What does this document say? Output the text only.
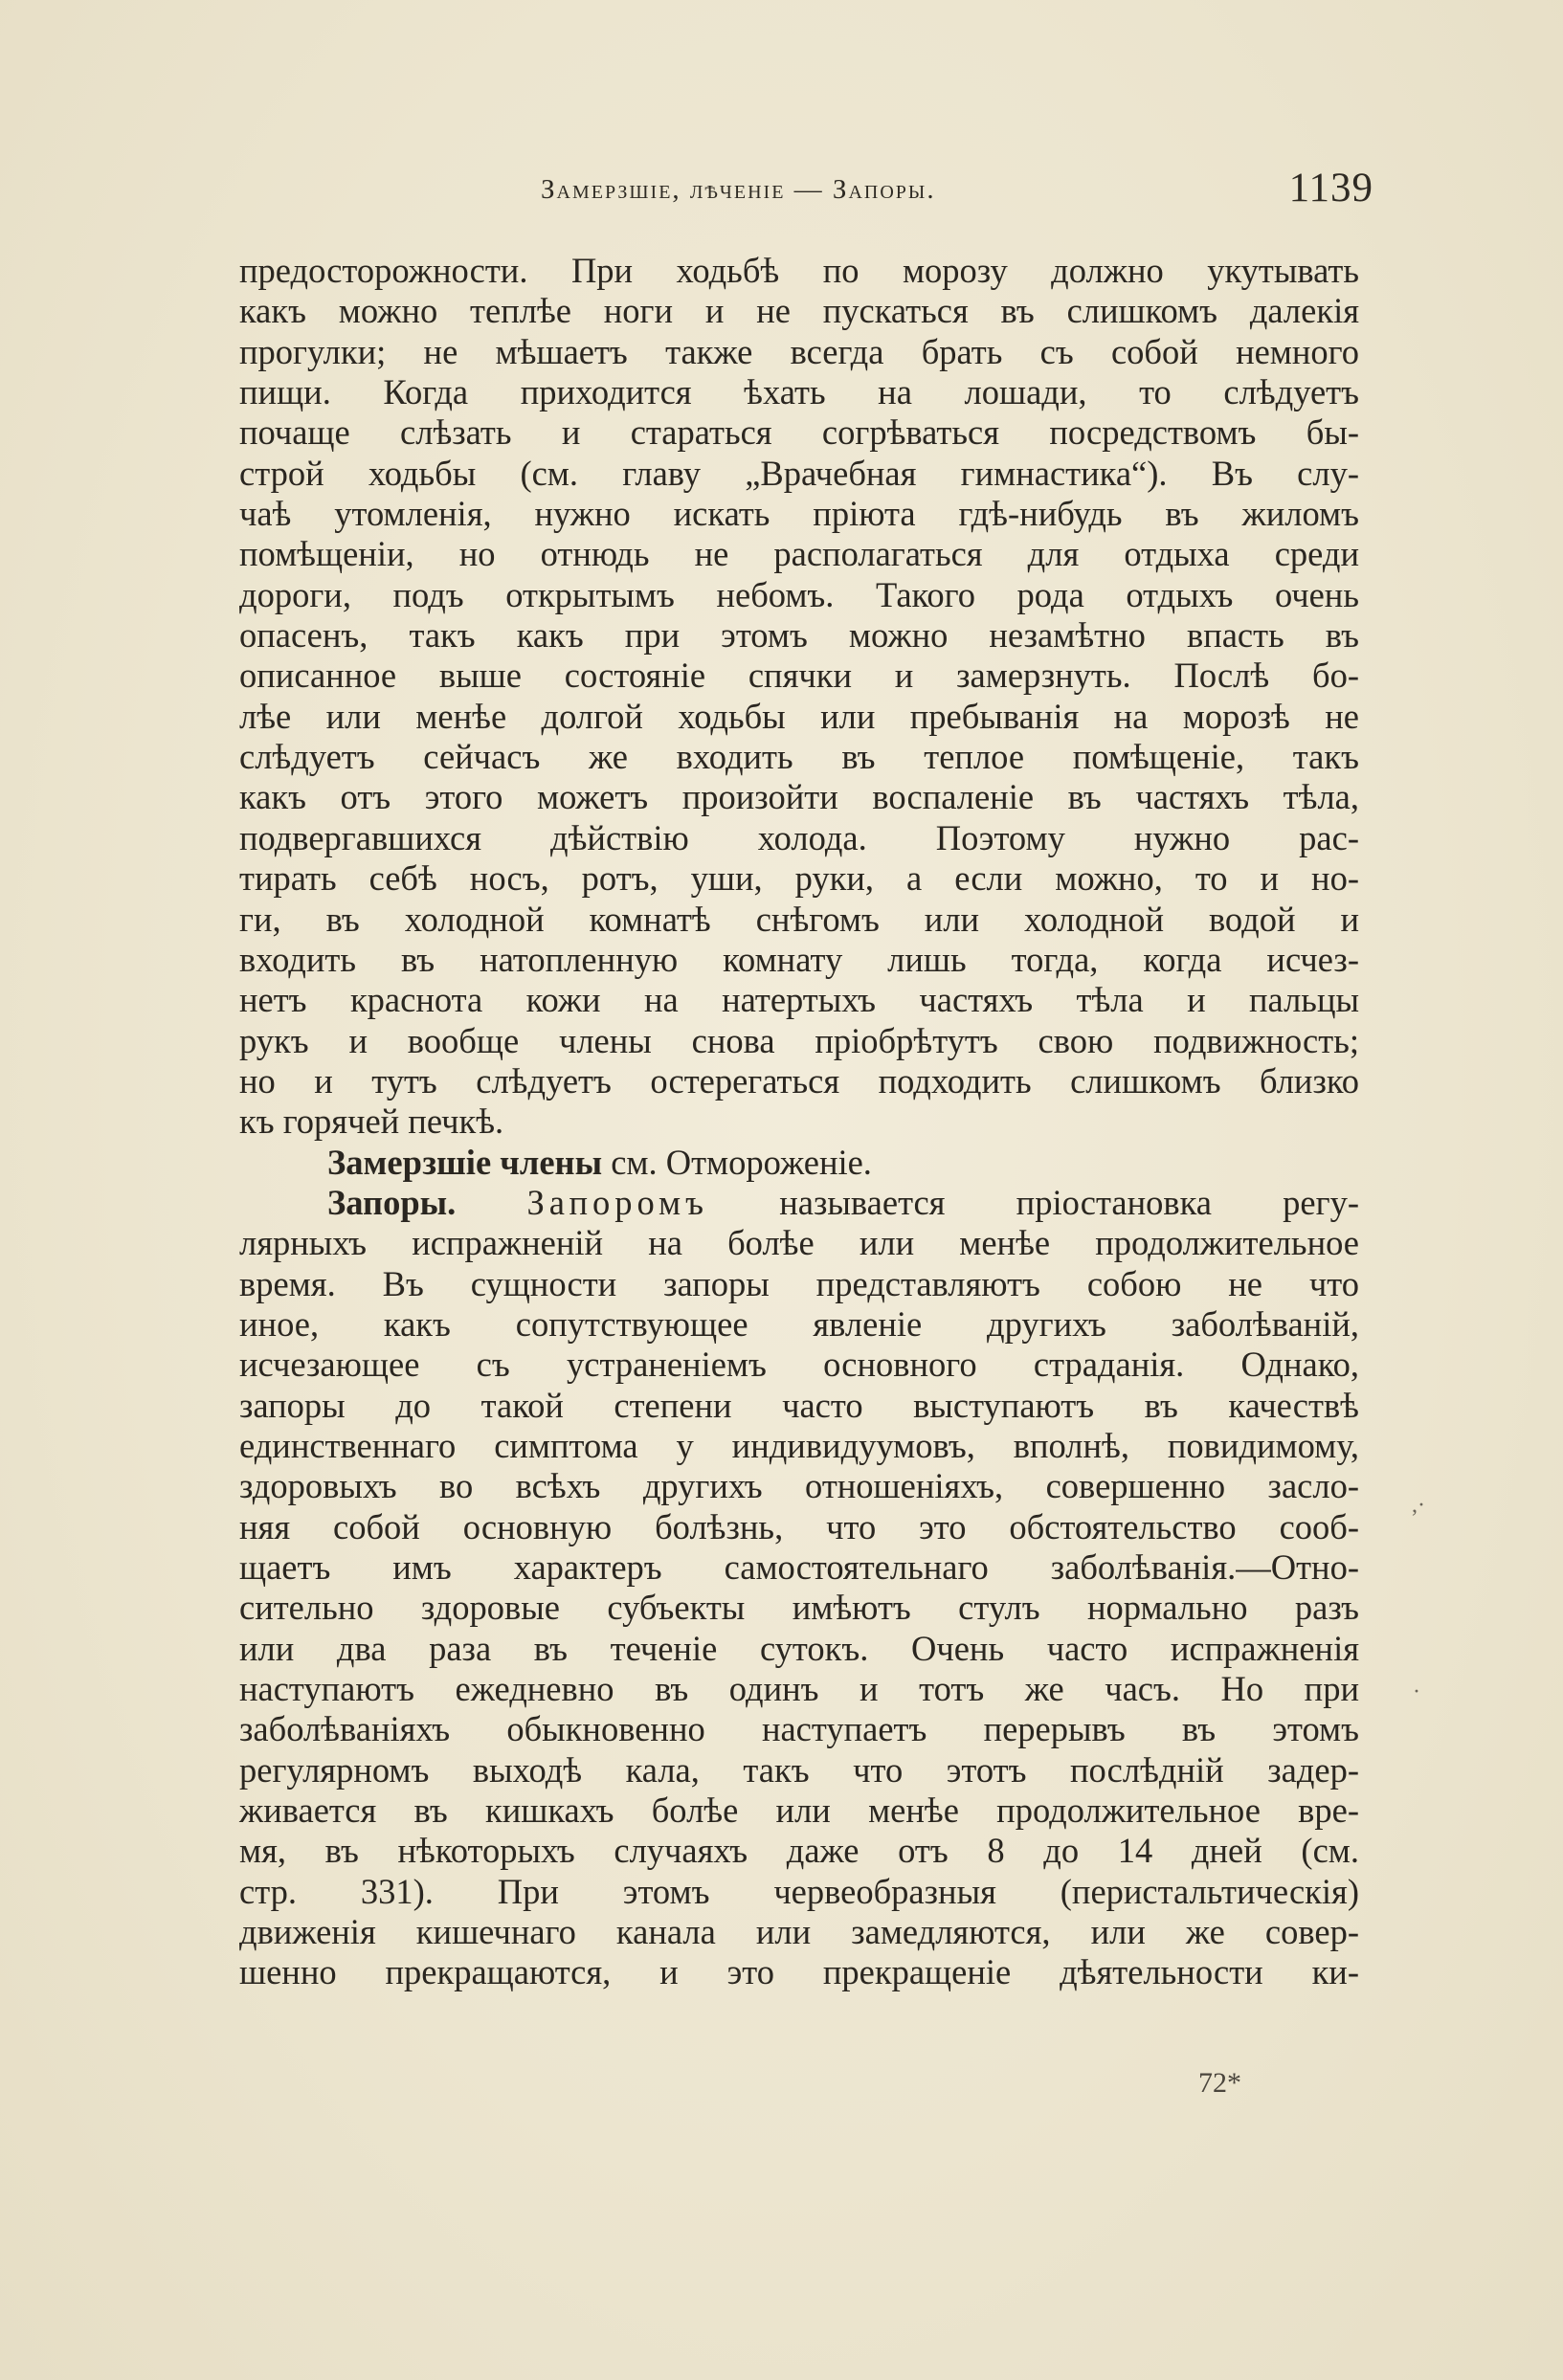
Замерзшiе, лѣченiе — Запоры.	1139
предосторожности. При ходьбѣ по морозу должно укутывать
какъ можно теплѣе ноги и не пускаться въ слишкомъ далекiя
прогулки; не мѣшаетъ также всегда брать съ собой немного
пищи. Когда приходится ѣхать на лошади, то слѣдуетъ
почаще слѣзать и стараться согрѣваться посредствомъ бы-
строй ходьбы (см. главу „Врачебная гимнастика“). Въ слу-
чаѣ утомленiя, нужно искать прiюта гдѣ-нибудь въ жиломъ
помѣщенiи, но отнюдь не располагаться для отдыха среди
дороги, подъ открытымъ небомъ. Такого рода отдыхъ очень
опасенъ, такъ какъ при этомъ можно незамѣтно впасть въ
описанное выше состоянiе спячки и замерзнуть. Послѣ бо-
лѣе или менѣе долгой ходьбы или пребыванiя на морозѣ не
слѣдуетъ сейчасъ же входить въ теплое помѣщенiе, такъ
какъ отъ этого можетъ произойти воспаленiе въ частяхъ тѣла,
подвергавшихся дѣйствiю холода. Поэтому нужно рас-
тирать себѣ носъ, ротъ, уши, руки, а если можно, то и но-
ги, въ холодной комнатѣ снѣгомъ или холодной водой и
входить въ натопленную комнату лишь тогда, когда исчез-
нетъ краснота кожи на натертыхъ частяхъ тѣла и пальцы
рукъ и вообще члены снова прiобрѣтутъ свою подвижность;
но и тутъ слѣдуетъ остерегаться подходить слишкомъ близко
къ горячей печкѣ.
Замерзшiе члены см. Отмороженiе.
Запоры. Запоромъ называется прiостановка регу-
лярныхъ испражненiй на болѣе или менѣе продолжительное
время. Въ сущности запоры представляютъ собою не что
иное, какъ сопутствующее явленiе другихъ заболѣванiй,
исчезающее съ устраненiемъ основного страданiя. Однако,
запоры до такой степени часто выступаютъ въ качествѣ
единственнаго симптома у индивидуумовъ, вполнѣ, повидимому,
здоровыхъ во всѣхъ другихъ отношенiяхъ, совершенно засло-
няя собой основную болѣзнь, что это обстоятельство сооб-
щаетъ имъ характеръ самостоятельнаго заболѣванiя.—Отно-
сительно здоровые субъекты имѣютъ стулъ нормально разъ
или два раза въ теченiе сутокъ. Очень часто испражненiя
наступаютъ ежедневно въ одинъ и тотъ же часъ. Но при
заболѣванiяхъ обыкновенно наступаетъ перерывъ въ этомъ
регулярномъ выходѣ кала, такъ что этотъ послѣднiй задер-
живается въ кишкахъ болѣе или менѣе продолжительное вре-
мя, въ нѣкоторыхъ случаяхъ даже отъ 8 до 14 дней (см.
стр. 331). При этомъ червеобразныя (перистальтическiя)
движенiя кишечнаго канала или замедляются, или же совер-
шенно прекращаются, и это прекращенiе дѣятельности ки-
72*
,·
·
